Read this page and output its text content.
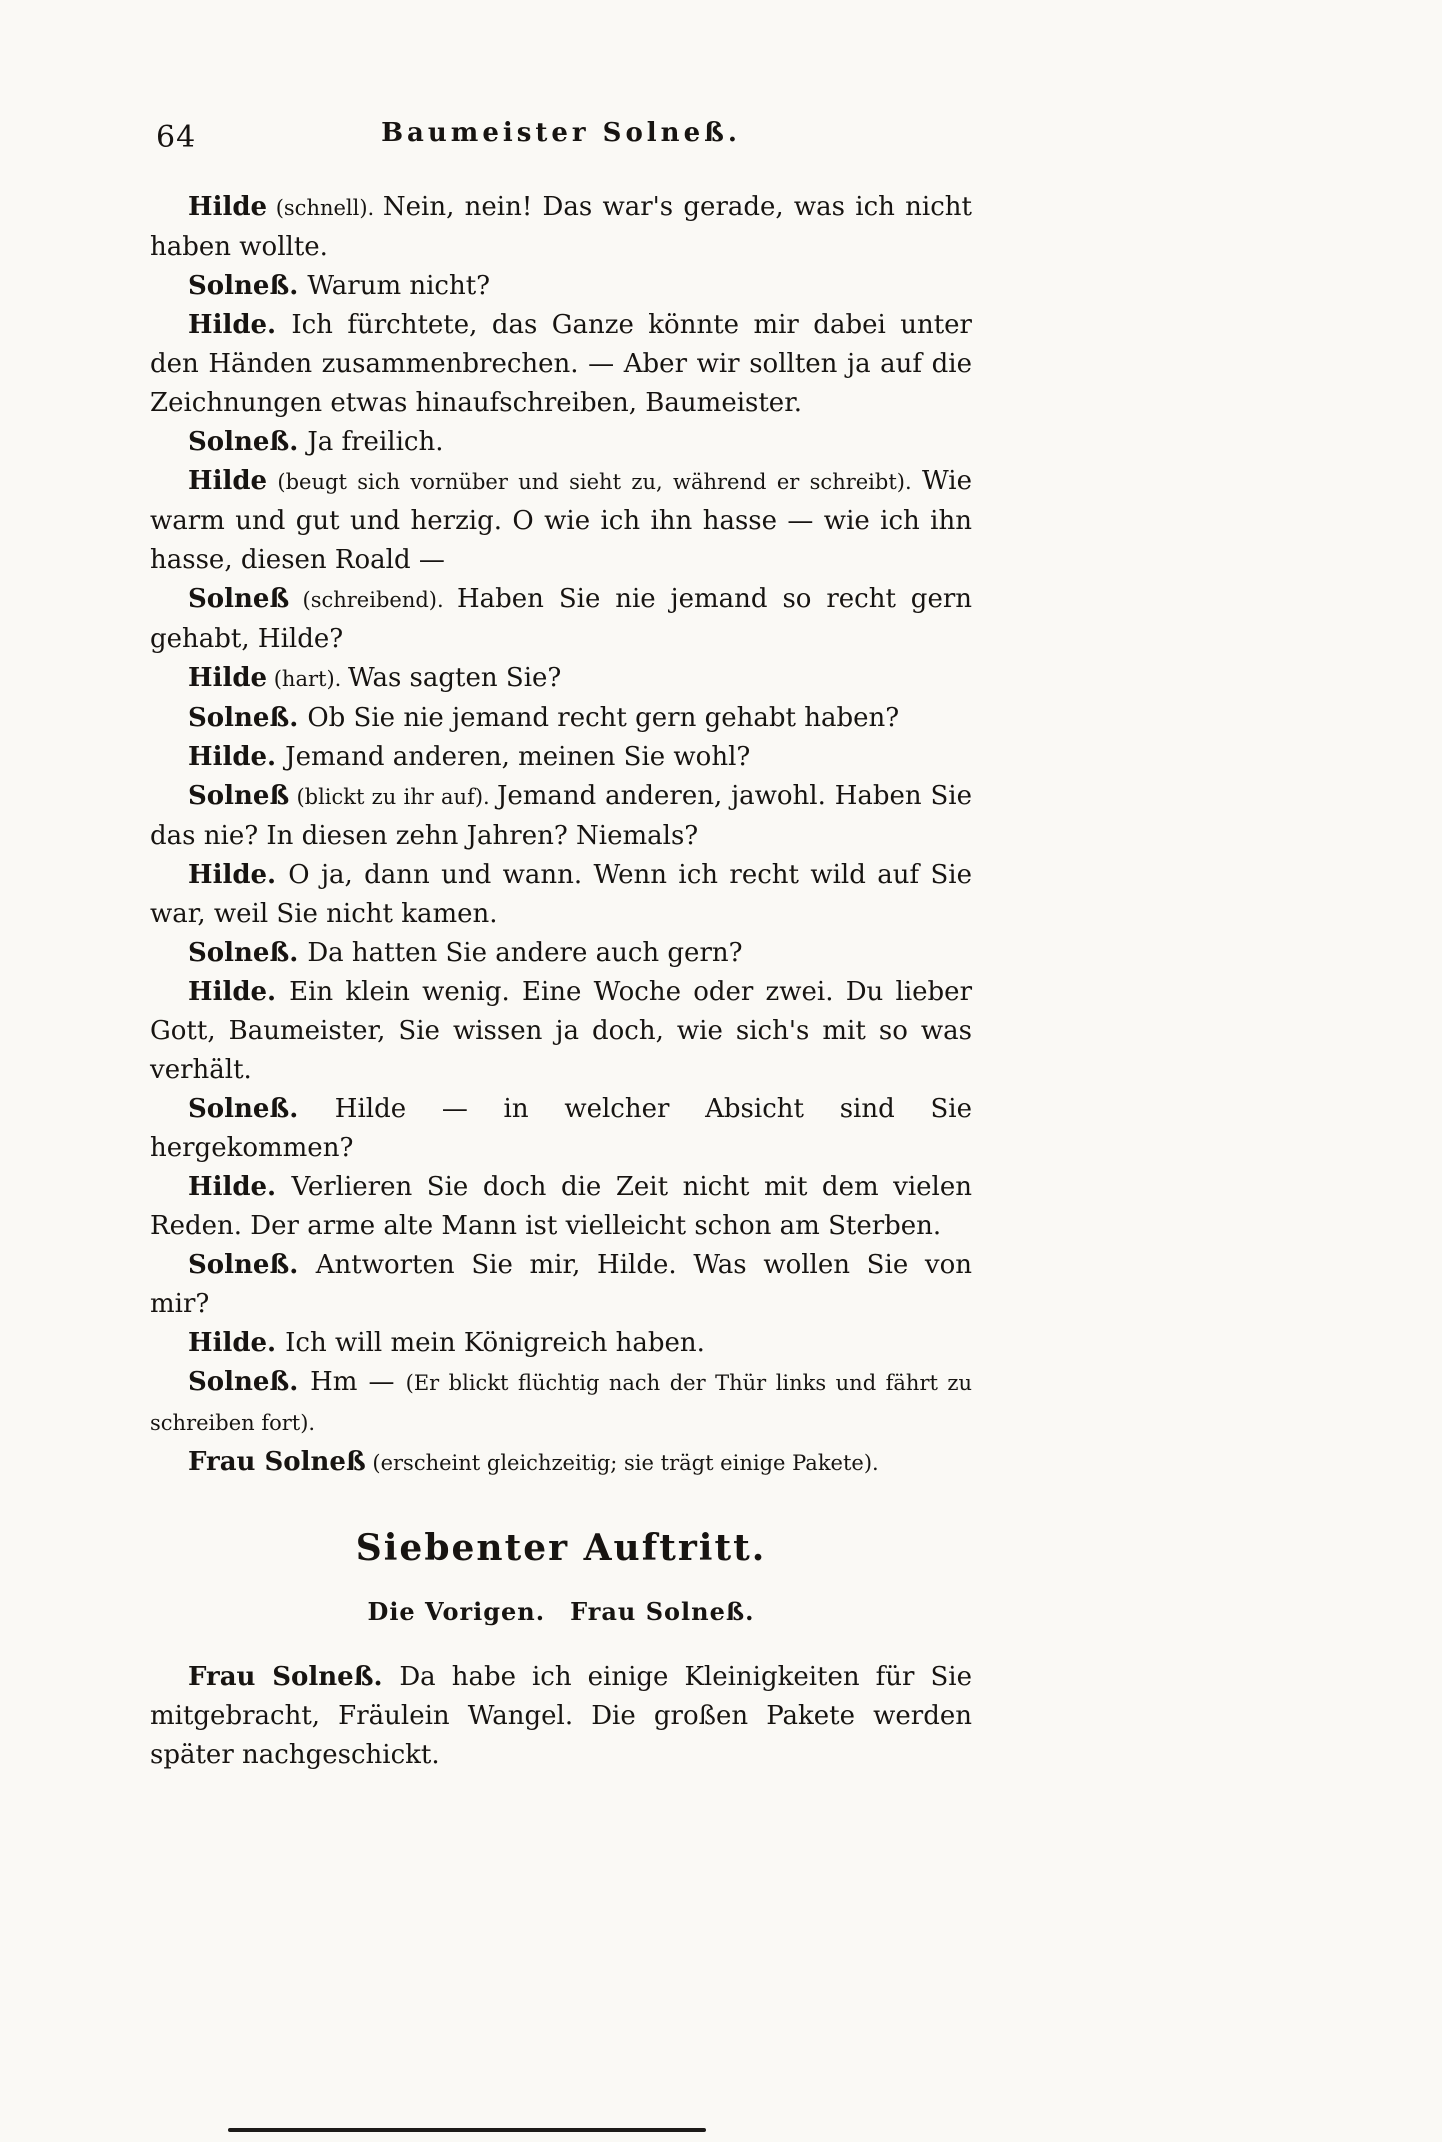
64	Baumeister Solneß.

Hilde (schnell). Nein, nein! Das war's gerade, was ich nicht haben wollte.

Solneß. Warum nicht?

Hilde. Ich fürchtete, das Ganze könnte mir dabei unter den Händen zusammenbrechen. — Aber wir sollten ja auf die Zeichnungen etwas hinaufschreiben, Baumeister.

Solneß. Ja freilich.

Hilde (beugt sich vornüber und sieht zu, während er schreibt). Wie warm und gut und herzig. O wie ich ihn hasse — wie ich ihn hasse, diesen Roald —

Solneß (schreibend). Haben Sie nie jemand so recht gern gehabt, Hilde?

Hilde (hart). Was sagten Sie?

Solneß. Ob Sie nie jemand recht gern gehabt haben?

Hilde. Jemand anderen, meinen Sie wohl?

Solneß (blickt zu ihr auf). Jemand anderen, jawohl. Haben Sie das nie? In diesen zehn Jahren? Niemals?

Hilde. O ja, dann und wann. Wenn ich recht wild auf Sie war, weil Sie nicht kamen.

Solneß. Da hatten Sie andere auch gern?

Hilde. Ein klein wenig. Eine Woche oder zwei. Du lieber Gott, Baumeister, Sie wissen ja doch, wie sich's mit so was verhält.

Solneß. Hilde — in welcher Absicht sind Sie hergekommen?

Hilde. Verlieren Sie doch die Zeit nicht mit dem vielen Reden. Der arme alte Mann ist vielleicht schon am Sterben.

Solneß. Antworten Sie mir, Hilde. Was wollen Sie von mir?

Hilde. Ich will mein Königreich haben.

Solneß. Hm — (Er blickt flüchtig nach der Thür links und fährt zu schreiben fort).

Frau Solneß (erscheint gleichzeitig; sie trägt einige Pakete).

Siebenter Auftritt.
Die Vorigen. Frau Solneß.

Frau Solneß. Da habe ich einige Kleinigkeiten für Sie mitgebracht, Fräulein Wangel. Die großen Pakete werden später nachgeschickt.
